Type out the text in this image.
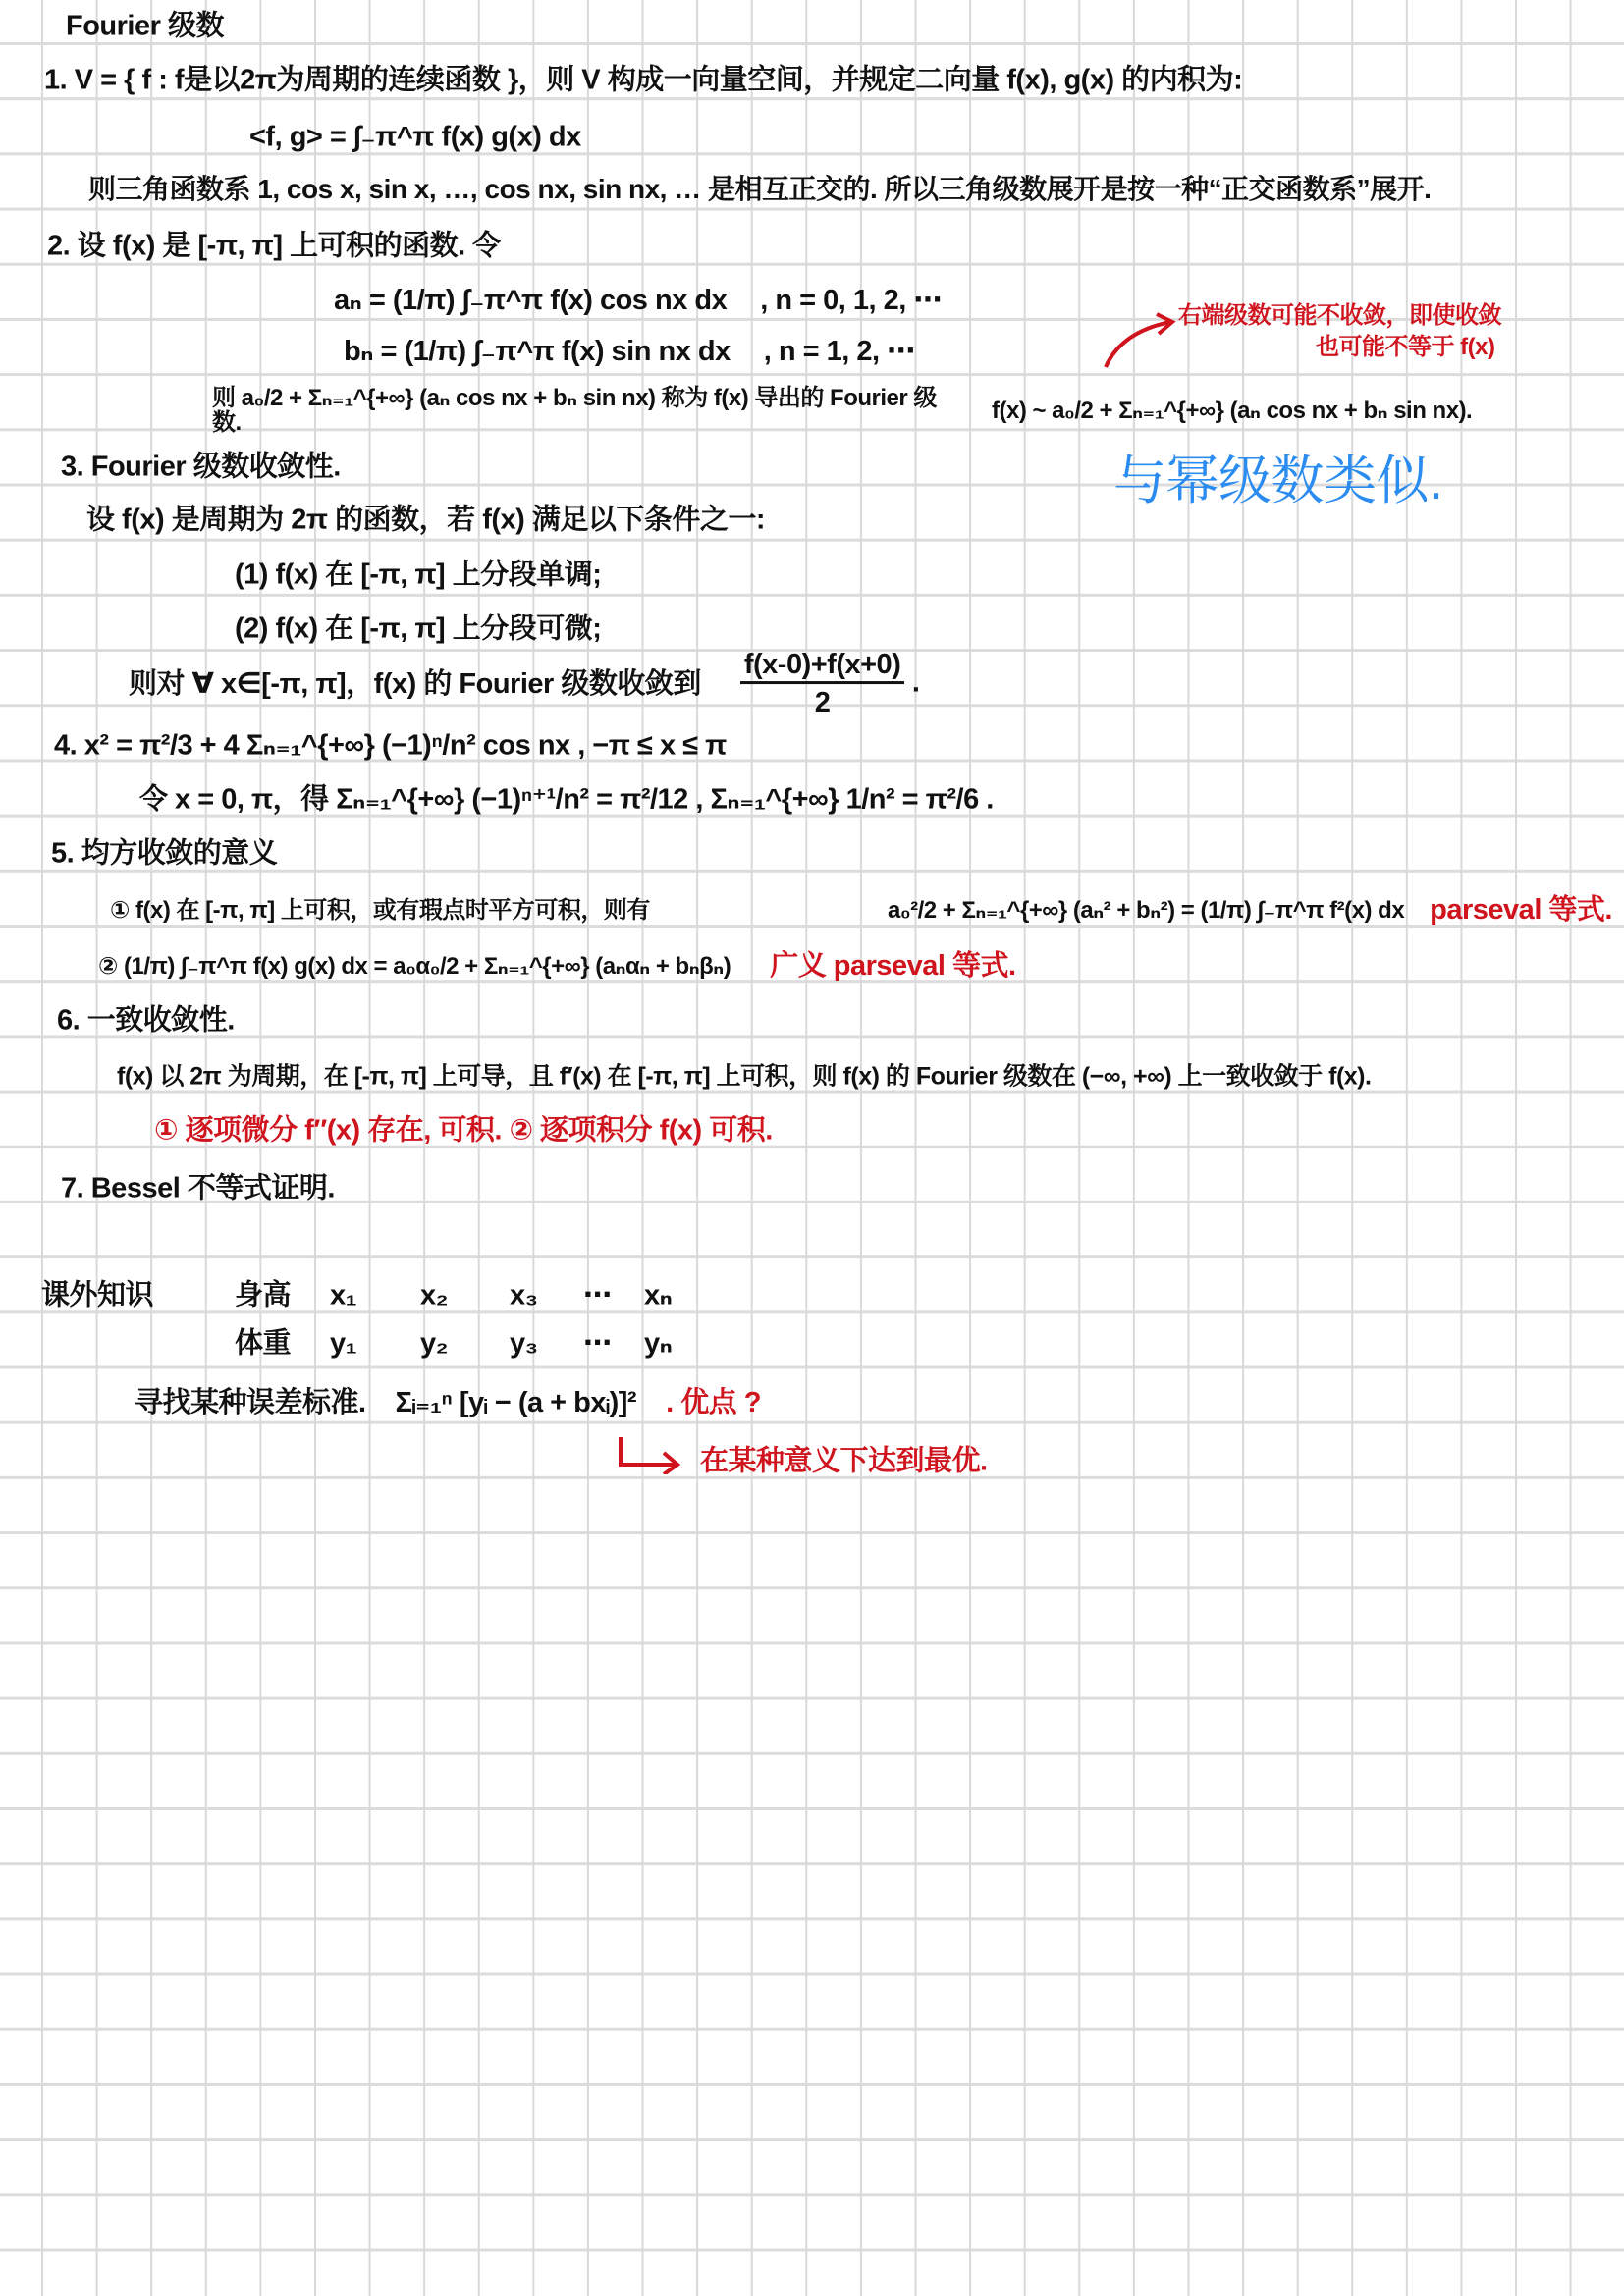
Fourier 级数
1. V = { f : f是以2π为周期的连续函数 }，则 V 构成一向量空间，并规定二向量 f(x), g(x) 的内积为:
<f, g> = ∫₋π^π f(x) g(x) dx
则三角函数系 1, cos x, sin x, …, cos nx, sin nx, … 是相互正交的. 所以三角级数展开是按一种“正交函数系”展开.
2. 设 f(x) 是 [-π, π] 上可积的函数. 令
aₙ = (1/π) ∫₋π^π f(x) cos nx dx , n = 0, 1, 2, ⋯
bₙ = (1/π) ∫₋π^π f(x) sin nx dx , n = 1, 2, ⋯
则 a₀/2 + Σₙ₌₁^{+∞} (aₙ cos nx + bₙ sin nx) 称为 f(x) 导出的 Fourier 级数.	f(x) ~ a₀/2 + Σₙ₌₁^{+∞} (aₙ cos nx + bₙ sin nx).
右端级数可能不收敛，即使收敛
也可能不等于 f(x)
3. Fourier 级数收敛性.	与幂级数类似.
设 f(x) 是周期为 2π 的函数，若 f(x) 满足以下条件之一:
(1) f(x) 在 [-π, π] 上分段单调;
(2) f(x) 在 [-π, π] 上分段可微;
则对 ∀ x∈[-π, π]，f(x) 的 Fourier 级数收敛到 $\frac{f(x-0)+f(x+0)}{2}$ .
4. x² = π²/3 + 4 Σₙ₌₁^{+∞} (−1)ⁿ/n² cos nx , −π ≤ x ≤ π
令 x = 0, π，得 Σₙ₌₁^{+∞} (−1)ⁿ⁺¹/n² = π²/12 , Σₙ₌₁^{+∞} 1/n² = π²/6 .
5. 均方收敛的意义
① f(x) 在 [-π, π] 上可积，或有瑕点时平方可积，则有	a₀²/2 + Σₙ₌₁^{+∞} (aₙ² + bₙ²) = (1/π) ∫₋π^π f²(x) dx parseval 等式.
② (1/π) ∫₋π^π f(x) g(x) dx = a₀α₀/2 + Σₙ₌₁^{+∞} (aₙαₙ + bₙβₙ) 广义 parseval 等式.
6. 一致收敛性.
f(x) 以 2π 为周期，在 [-π, π] 上可导，且 f′(x) 在 [-π, π] 上可积，则 f(x) 的 Fourier 级数在 (−∞, +∞) 上一致收敛于 f(x).
① 逐项微分 f″(x) 存在, 可积. ② 逐项积分 f(x) 可积.
7. Bessel 不等式证明.
课外知识	身高 x₁ x₂ x₃ ⋯ xₙ
体重 y₁ y₂ y₃ ⋯ yₙ
寻找某种误差标准. Σᵢ₌₁ⁿ [yᵢ − (a + bxᵢ)]² . 优点 ?
在某种意义下达到最优.
